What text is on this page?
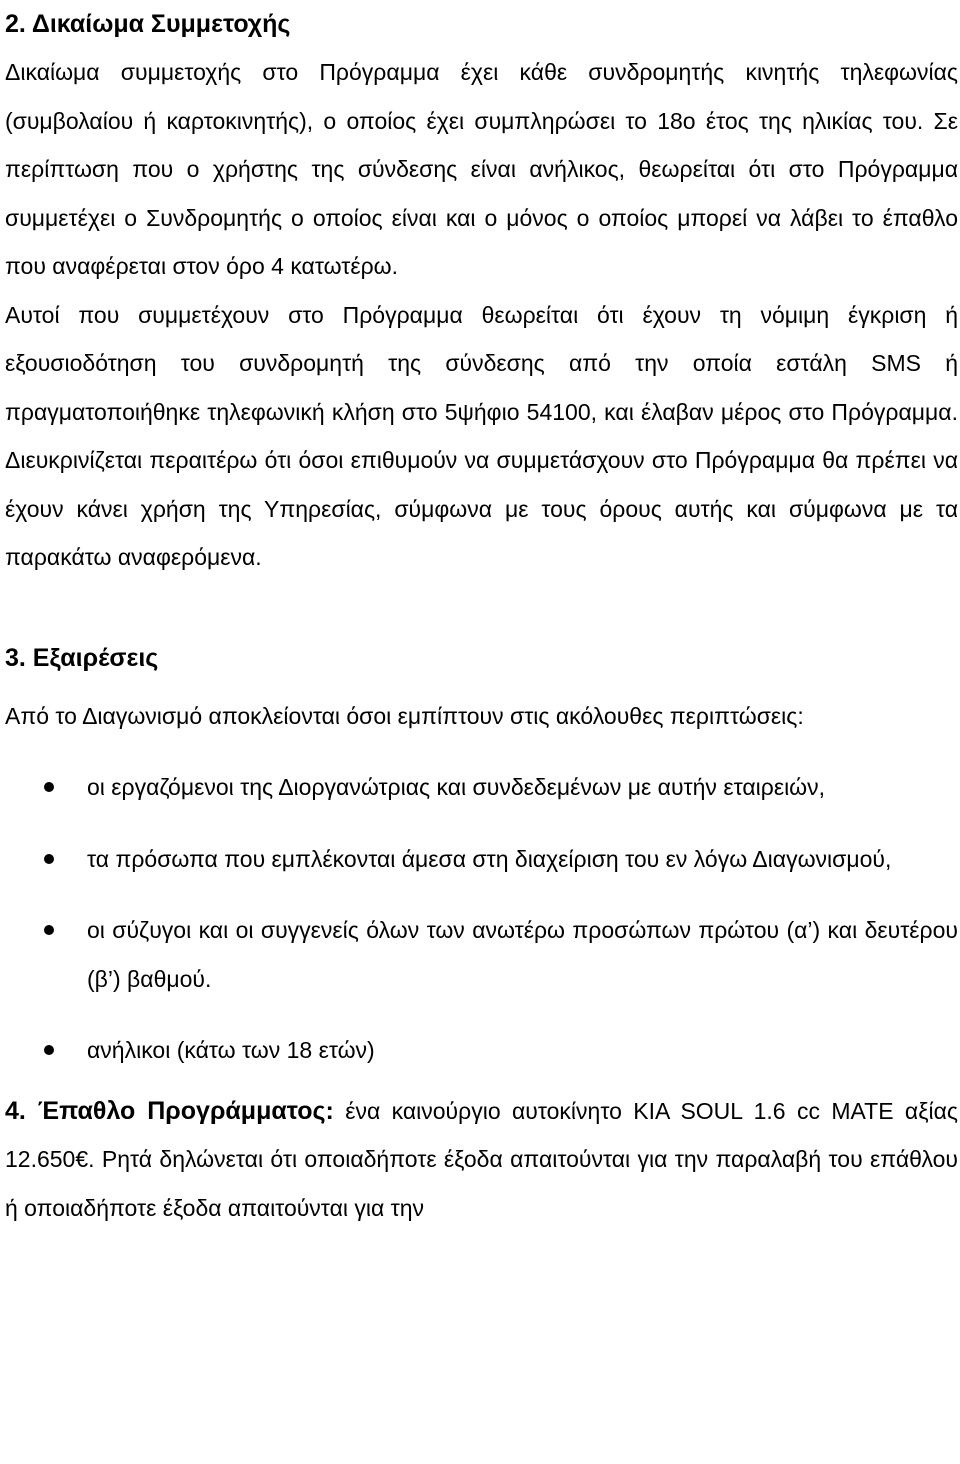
2. Δικαίωμα Συμμετοχής

Δικαίωμα συμμετοχής στο Πρόγραμμα έχει κάθε συνδρομητής κινητής τηλεφωνίας (συμβολαίου ή καρτοκινητής), ο οποίος έχει συμπληρώσει το 18ο έτος της ηλικίας του. Σε περίπτωση που ο χρήστης της σύνδεσης είναι ανήλικος, θεωρείται ότι στο Πρόγραμμα συμμετέχει ο Συνδρομητής ο οποίος είναι και ο μόνος ο οποίος μπορεί να λάβει το έπαθλο που αναφέρεται στον όρο 4 κατωτέρω.

Αυτοί που συμμετέχουν στο Πρόγραμμα θεωρείται ότι έχουν τη νόμιμη έγκριση ή εξουσιοδότηση του συνδρομητή της σύνδεσης από την οποία εστάλη SMS ή πραγματοποιήθηκε τηλεφωνική κλήση στο 5ψήφιο 54100, και έλαβαν μέρος στο Πρόγραμμα. Διευκρινίζεται περαιτέρω ότι όσοι επιθυμούν να συμμετάσχουν στο Πρόγραμμα θα πρέπει να έχουν κάνει χρήση της Υπηρεσίας, σύμφωνα με τους όρους αυτής και σύμφωνα με τα παρακάτω αναφερόμενα.

3. Εξαιρέσεις

Από το Διαγωνισμό αποκλείονται όσοι εμπίπτουν στις ακόλουθες περιπτώσεις:

οι εργαζόμενοι της Διοργανώτριας και συνδεδεμένων με αυτήν εταιρειών,
τα πρόσωπα που εμπλέκονται άμεσα στη διαχείριση του εν λόγω Διαγωνισμού,
οι σύζυγοι και οι συγγενείς όλων των ανωτέρω προσώπων πρώτου (α’) και δευτέρου (β’) βαθμού.
ανήλικοι (κάτω των 18 ετών)

4. Έπαθλο Προγράμματος: ένα καινούργιο αυτοκίνητο KIA SOUL 1.6 cc MATE αξίας 12.650€. Ρητά δηλώνεται ότι οποιαδήποτε έξοδα απαιτούνται για την παραλαβή του επάθλου ή οποιαδήποτε έξοδα απαιτούνται για την
